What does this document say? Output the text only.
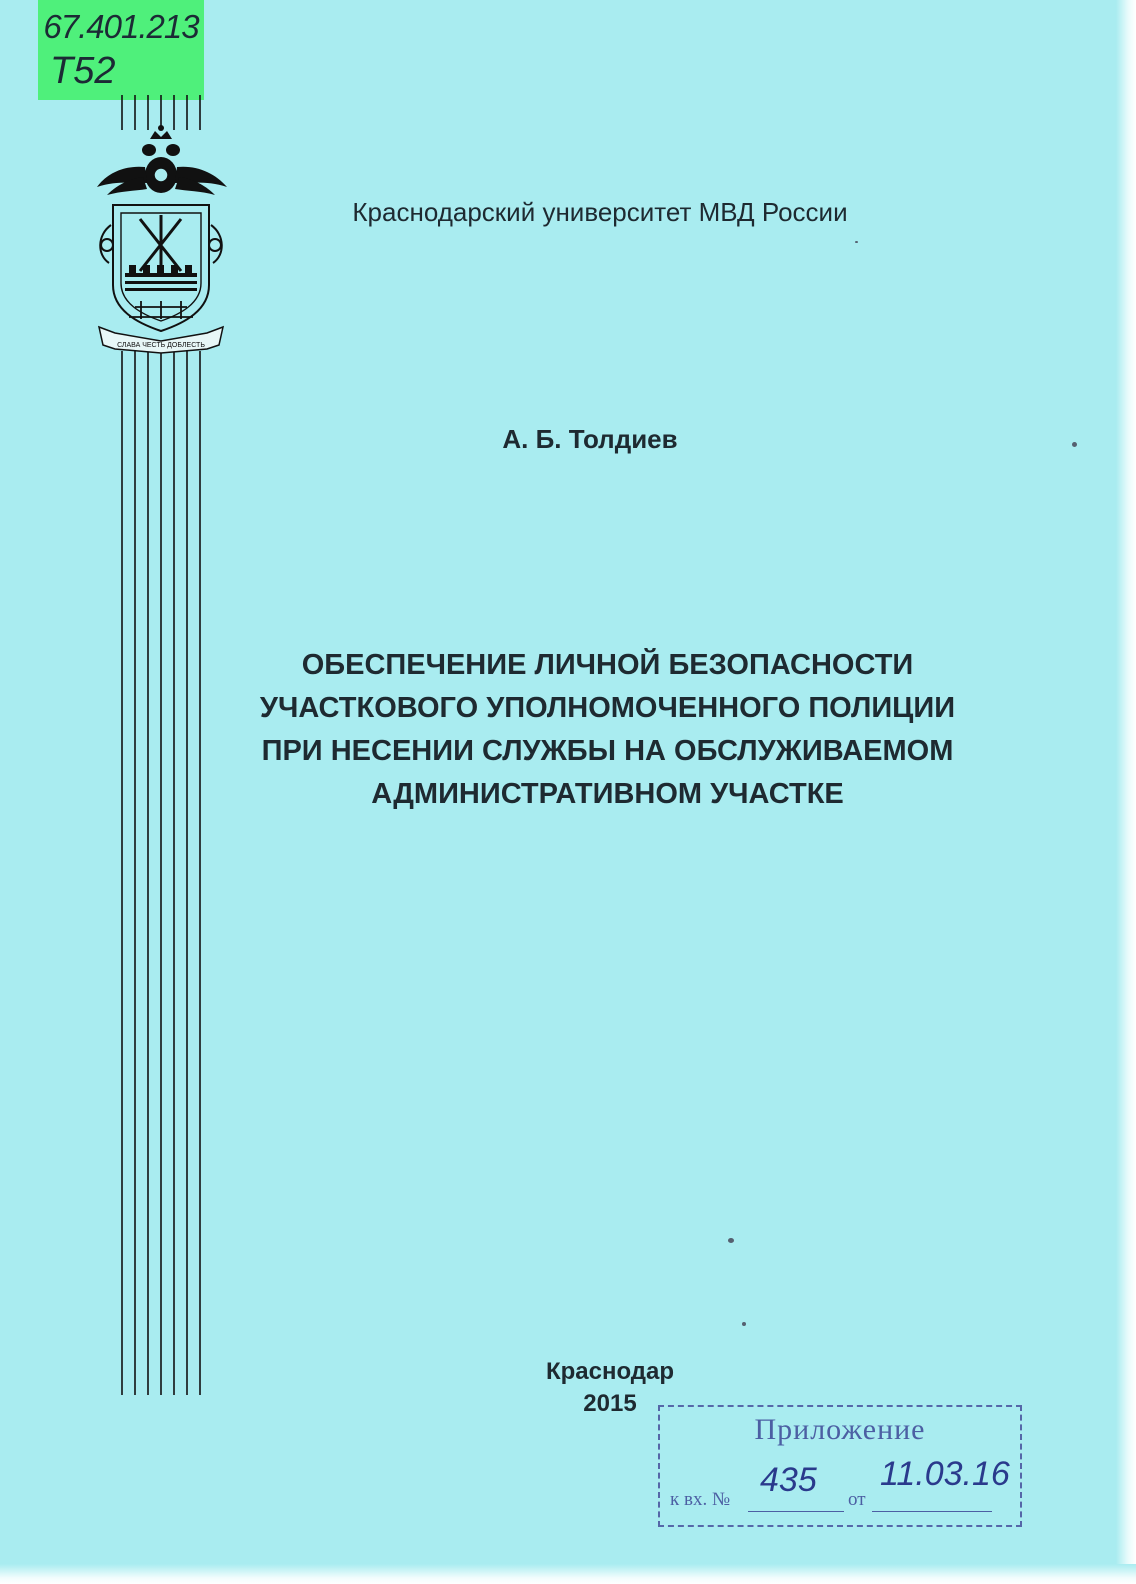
67.401.213
Т52
СЛАВА ЧЕСТЬ ДОБЛЕСТЬ
Краснодарский университет МВД России
А. Б. Толдиев
ОБЕСПЕЧЕНИЕ ЛИЧНОЙ БЕЗОПАСНОСТИ
УЧАСТКОВОГО УПОЛНОМОЧЕННОГО ПОЛИЦИИ
ПРИ НЕСЕНИИ СЛУЖБЫ НА ОБСЛУЖИВАЕМОМ
АДМИНИСТРАТИВНОМ УЧАСТКЕ
Краснодар
2015
Приложение
к вх. №	от
435 11.03.16
